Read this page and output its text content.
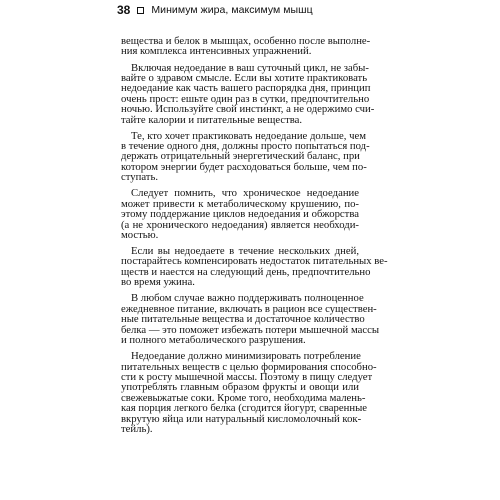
38 Минимум жира, максимум мышц
вещества и белок в мышцах, особенно после выполне-
ния комплекса интенсивных упражнений.
Включая недоедание в ваш суточный цикл, не забы-
вайте о здравом смысле. Если вы хотите практиковать
недоедание как часть вашего распорядка дня, принцип
очень прост: ешьте один раз в сутки, предпочтительно
ночью. Используйте свой инстинкт, а не одержимо счи-
тайте калории и питательные вещества.
Те, кто хочет практиковать недоедание дольше, чем
в течение одного дня, должны просто попытаться под-
держать отрицательный энергетический баланс, при
котором энергии будет расходоваться больше, чем по-
ступать.
Следует помнить, что хроническое недоедание
может привести к метаболическому крушению, по-
этому поддержание циклов недоедания и обжорства
(а не хронического недоедания) является необходи-
мостью.
Если вы недоедаете в течение нескольких дней,
постарайтесь компенсировать недостаток питательных ве-
ществ и наестся на следующий день, предпочтительно
во время ужина.
В любом случае важно поддерживать полноценное
ежедневное питание, включать в рацион все существен-
ные питательные вещества и достаточное количество
белка — это поможет избежать потери мышечной массы
и полного метаболического разрушения.
Недоедание должно минимизировать потребление
питательных веществ с целью формирования способно-
сти к росту мышечной массы. Поэтому в пищу следует
употреблять главным образом фрукты и овощи или
свежевыжатые соки. Кроме того, необходима малень-
кая порция легкого белка (сгодится йогурт, сваренные
вкрутую яйца или натуральный кисломолочный кок-
тейль).
